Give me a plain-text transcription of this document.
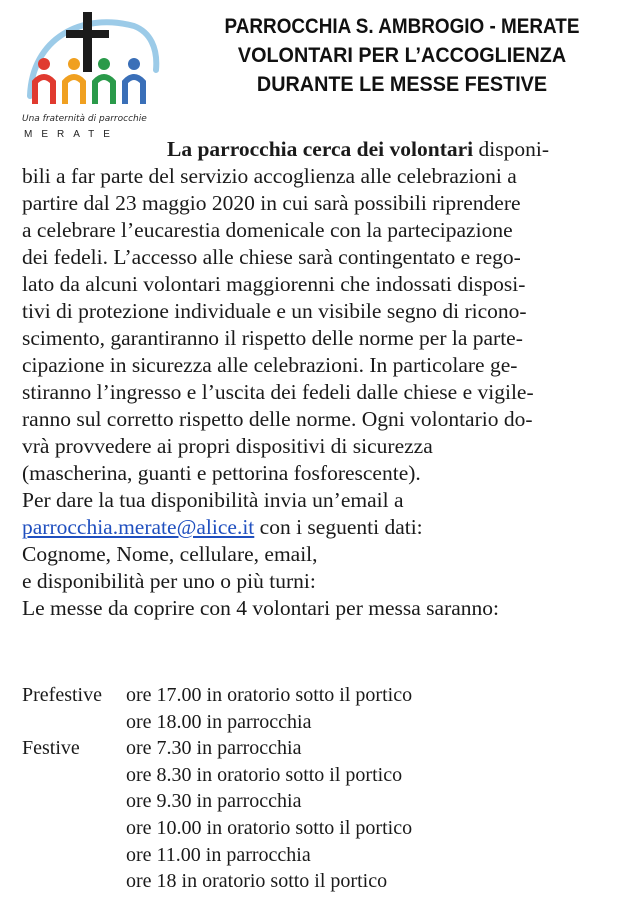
Una fraternità di parrocchie
MERATE
PARROCCHIA S. AMBROGIO - MERATE
VOLONTARI PER L’ACCOGLIENZA
DURANTE LE MESSE FESTIVE
La parrocchia cerca dei volontari disponi-
bili a far parte del servizio accoglienza alle celebrazioni a
partire dal 23 maggio 2020 in cui sarà possibili riprendere
a celebrare l’eucarestia domenicale con la partecipazione
dei fedeli. L’accesso alle chiese sarà contingentato e rego-
lato da alcuni volontari maggiorenni che indossati disposi-
tivi di protezione individuale e un visibile segno di ricono-
scimento, garantiranno il rispetto delle norme per la parte-
cipazione in sicurezza alle celebrazioni. In particolare ge-
stiranno l’ingresso e l’uscita dei fedeli dalle chiese e vigile-
ranno sul corretto rispetto delle norme. Ogni volontario do-
vrà provvedere ai propri dispositivi di sicurezza
(mascherina, guanti e pettorina fosforescente).
Per dare la tua disponibilità invia un’email a
parrocchia.merate@alice.it con i seguenti dati:
Cognome, Nome, cellulare, email,
e disponibilità per uno o più turni:
Le messe da coprire con 4 volontari per messa saranno:
Prefestive	ore 17.00 in oratorio sotto il portico
ore 18.00 in parrocchia
Festive	ore 7.30 in parrocchia
ore 8.30 in oratorio sotto il portico
ore 9.30 in parrocchia
ore 10.00 in oratorio sotto il portico
ore 11.00 in parrocchia
ore 18 in oratorio sotto il portico
